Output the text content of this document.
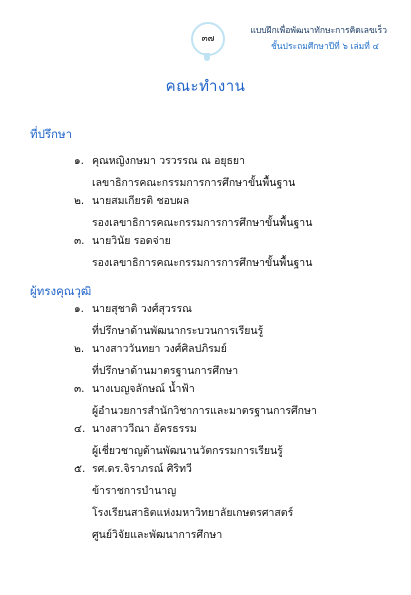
๓๗
แบบฝึกเพื่อพัฒนาทักษะการคิดเลขเร็ว
ชั้นประถมศึกษาปีที่ ๖ เล่มที่ ๔
คณะทำงาน
ที่ปรึกษา
๑. คุณหญิงกษมา วรวรรณ ณ อยุธยา
เลขาธิการคณะกรรมการการศึกษาขั้นพื้นฐาน
๒. นายสมเกียรติ ชอบผล
รองเลขาธิการคณะกรรมการการศึกษาขั้นพื้นฐาน
๓. นายวินัย รอดจ่าย
รองเลขาธิการคณะกรรมการการศึกษาขั้นพื้นฐาน
ผู้ทรงคุณวุฒิ
๑. นายสุชาติ วงศ์สุวรรณ
ที่ปรึกษาด้านพัฒนากระบวนการเรียนรู้
๒. นางสาววันทยา วงศ์ศิลปภิรมย์
ที่ปรึกษาด้านมาตรฐานการศึกษา
๓. นางเบญจลักษณ์ น้ำฟ้า
ผู้อำนวยการสำนักวิชาการและมาตรฐานการศึกษา
๔. นางสาววีณา อัครธรรม
ผู้เชี่ยวชาญด้านพัฒนานวัตกรรมการเรียนรู้
๕. รศ.ดร.จิราภรณ์ ศิริทวี
ข้าราชการบำนาญ
โรงเรียนสาธิตแห่งมหาวิทยาลัยเกษตรศาสตร์
ศูนย์วิจัยและพัฒนาการศึกษา
